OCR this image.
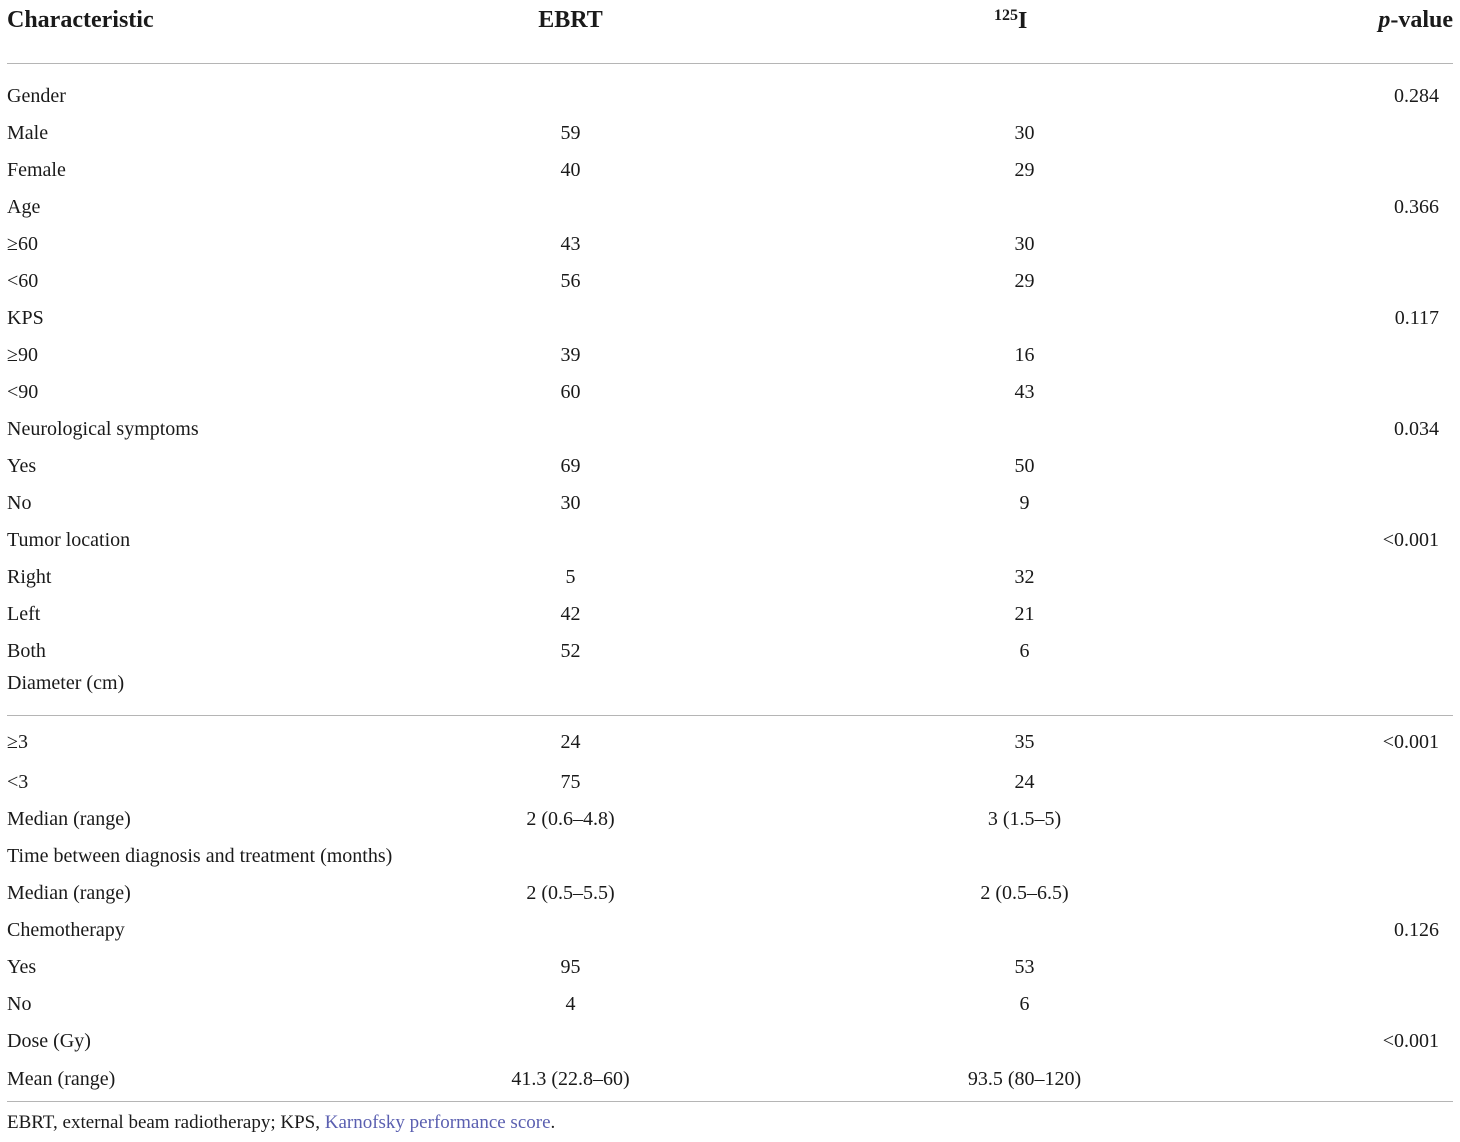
Characteristic	EBRT	$^{125}$I	p-value
Gender			0.284
Male	59	30	
Female	40	29	
Age			0.366
≥60	43	30	
<60	56	29	
KPS			0.117
≥90	39	16	
<90	60	43	
Neurological symptoms			0.034
Yes	69	50	
No	30	9	
Tumor location			<0.001
Right	5	32	
Left	42	21	
Both	52	6	
Diameter (cm)			
≥3	24	35	<0.001
<3	75	24	
Median (range)	2 (0.6–4.8)	3 (1.5–5)	
Time between diagnosis and treatment (months)			
Median (range)	2 (0.5–5.5)	2 (0.5–6.5)	
Chemotherapy			0.126
Yes	95	53	
No	4	6	
Dose (Gy)			<0.001
Mean (range)	41.3 (22.8–60)	93.5 (80–120)	
EBRT, external beam radiotherapy; KPS, Karnofsky performance score.
